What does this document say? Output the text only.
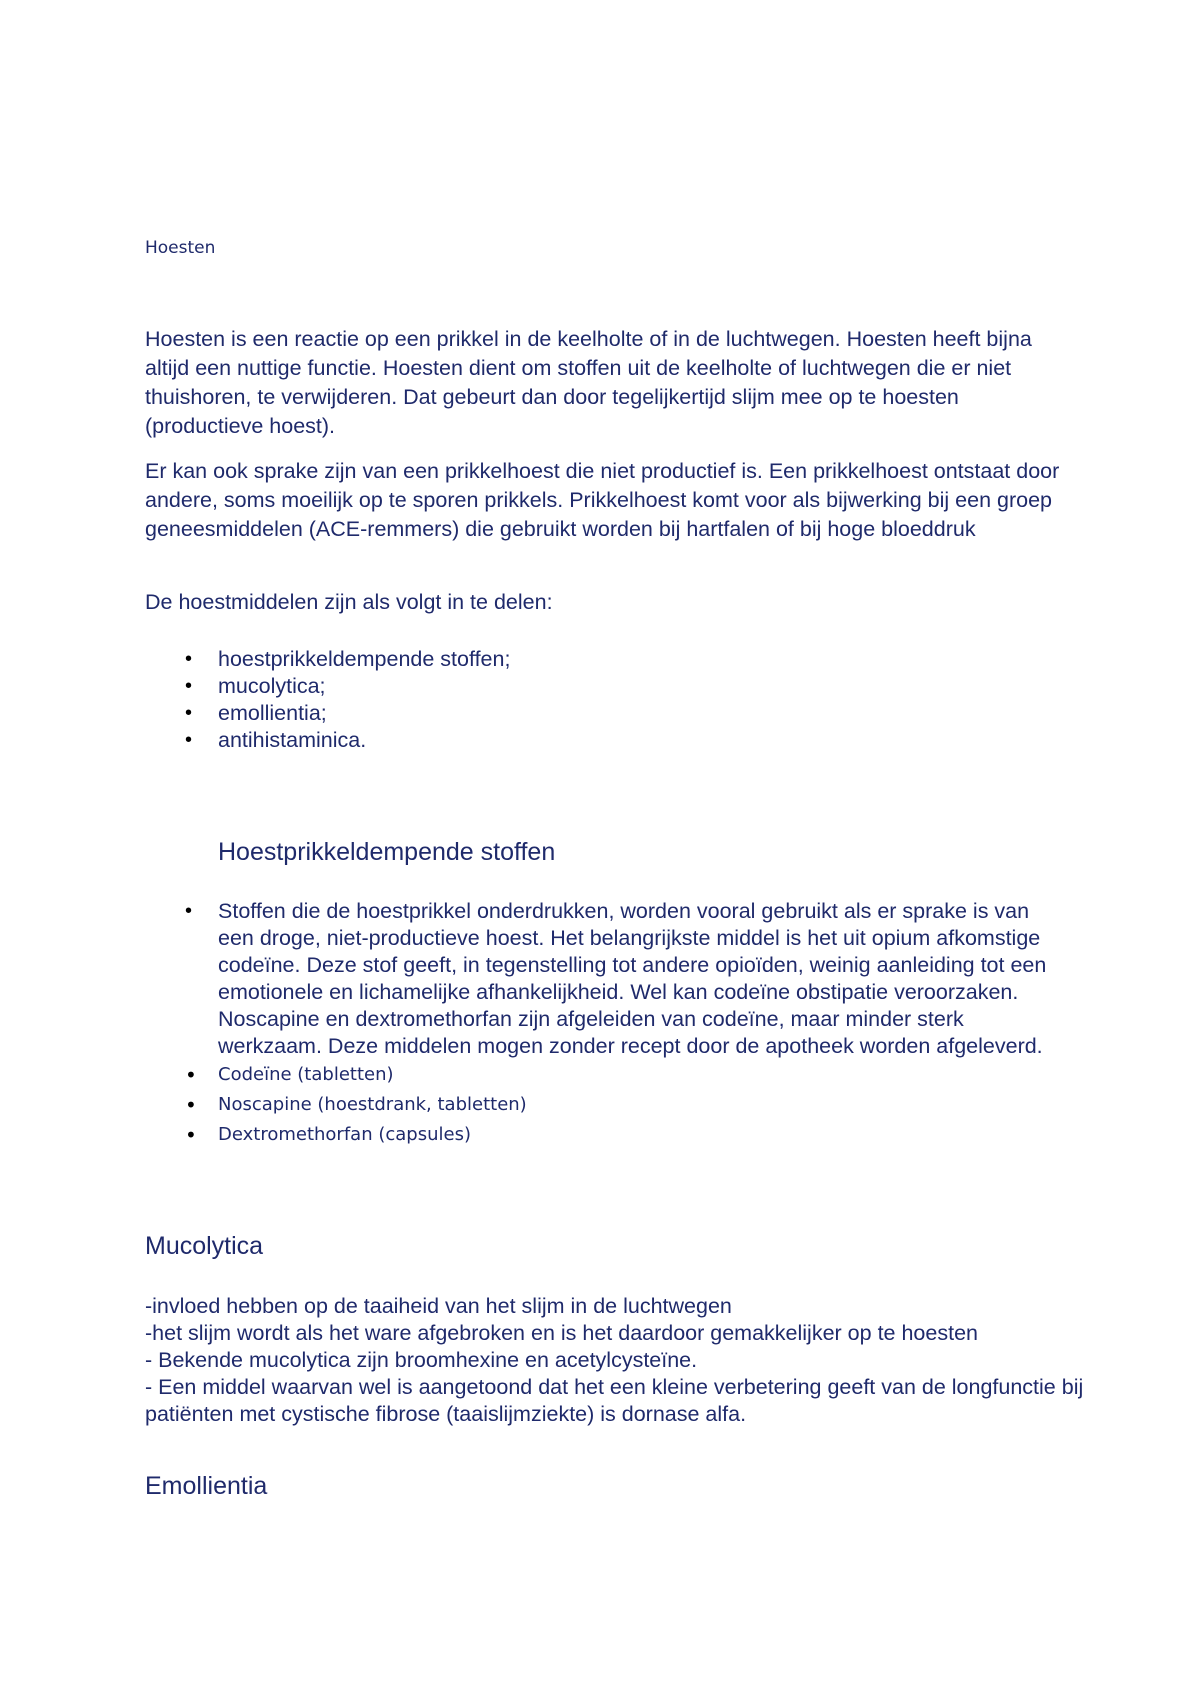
Hoesten

Hoesten is een reactie op een prikkel in de keelholte of in de luchtwegen. Hoesten heeft bijna altijd een nuttige functie. Hoesten dient om stoffen uit de keelholte of luchtwegen die er niet thuishoren, te verwijderen. Dat gebeurt dan door tegelijkertijd slijm mee op te hoesten (productieve hoest).

Er kan ook sprake zijn van een prikkelhoest die niet productief is. Een prikkelhoest ontstaat door andere, soms moeilijk op te sporen prikkels. Prikkelhoest komt voor als bijwerking bij een groep geneesmiddelen (ACE-remmers) die gebruikt worden bij hartfalen of bij hoge bloeddruk

De hoestmiddelen zijn als volgt in te delen:

• hoestprikkeldempende stoffen;
• mucolytica;
• emollientia;
• antihistaminica.
Hoestprikkeldempende stoffen
• Stoffen die de hoestprikkel onderdrukken, worden vooral gebruikt als er sprake is van een droge, niet-productieve hoest. Het belangrijkste middel is het uit opium afkomstige codeïne. Deze stof geeft, in tegenstelling tot andere opioïden, weinig aanleiding tot een emotionele en lichamelijke afhankelijkheid. Wel kan codeïne obstipatie veroorzaken. Noscapine en dextromethorfan zijn afgeleiden van codeïne, maar minder sterk werkzaam. Deze middelen mogen zonder recept door de apotheek worden afgeleverd.
• Codeïne (tabletten)
• Noscapine (hoestdrank, tabletten)
• Dextromethorfan (capsules)
Mucolytica
-invloed hebben op de taaiheid van het slijm in de luchtwegen
-het slijm wordt als het ware afgebroken en is het daardoor gemakkelijker op te hoesten
- Bekende mucolytica zijn broomhexine en acetylcysteïne.
- Een middel waarvan wel is aangetoond dat het een kleine verbetering geeft van de longfunctie bij patiënten met cystische fibrose (taaislijmziekte) is dornase alfa.
Emollientia
